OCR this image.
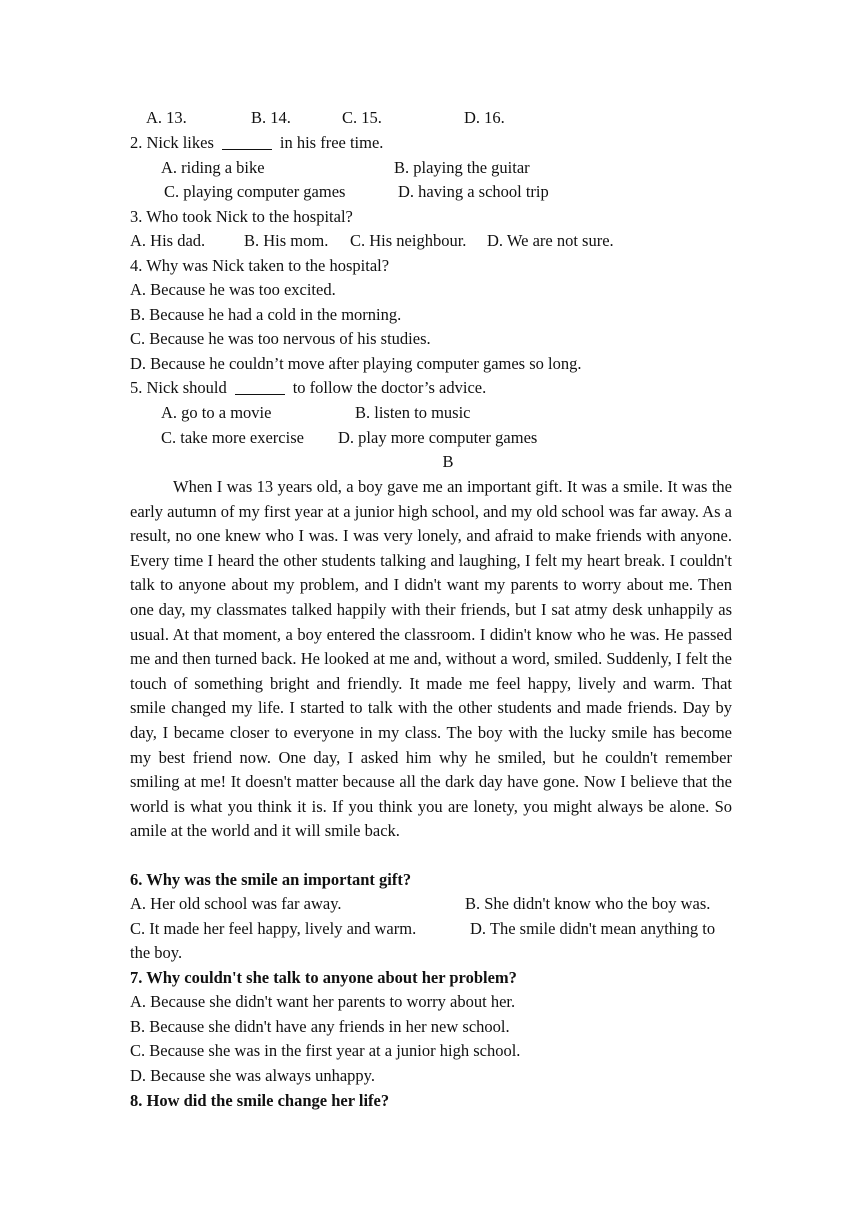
A. 13.	B. 14.	C. 15.	D. 16.
2. Nick likes	in his free time.
A. riding a bike	B. playing the guitar
C. playing computer games	D. having a school trip
3. Who took Nick to the hospital?
A. His dad. B. His mom. C. His neighbour. D. We are not sure.
4. Why was Nick taken to the hospital?
A. Because he was too excited.
B. Because he had a cold in the morning.
C. Because he was too nervous of his studies.
D. Because he couldn’t move after playing computer games so long.
5. Nick should	to follow the doctor’s advice.
A. go to a movie	B. listen to music
C. take more exercise D. play more computer games
B
When I was 13 years old, a boy gave me an important gift. It was a smile. It was the early autumn of my first year at a junior high school, and my old school was far away. As a result, no one knew who I was. I was very lonely, and afraid to make friends with anyone. Every time I heard the other students talking and laughing, I felt my heart break. I couldn't talk to anyone about my problem, and I didn't want my parents to worry about me. Then one day, my classmates talked happily with their friends, but I sat atmy desk unhappily as usual. At that moment, a boy entered the classroom. I didin't know who he was. He passed me and then turned back. He looked at me and, without a word, smiled. Suddenly, I felt the touch of something bright and friendly. It made me feel happy, lively and warm. That smile changed my life. I started to talk with the other students and made friends. Day by day, I became closer to everyone in my class. The boy with the lucky smile has become my best friend now. One day, I asked him why he smiled, but he couldn't remember smiling at me! It doesn't matter because all the dark day have gone. Now I believe that the world is what you think it is. If you think you are lonety, you might always be alone. So amile at the world and it will smile back.
6. Why was the smile an important gift?
A. Her old school was far away.	B. She didn't know who the boy was.
C. It made her feel happy, lively and warm.	D. The smile didn't mean anything to
the boy.
7. Why couldn't she talk to anyone about her problem?
A. Because she didn't want her parents to worry about her.
B. Because she didn't have any friends in her new school.
C. Because she was in the first year at a junior high school.
D. Because she was always unhappy.
8. How did the smile change her life?
